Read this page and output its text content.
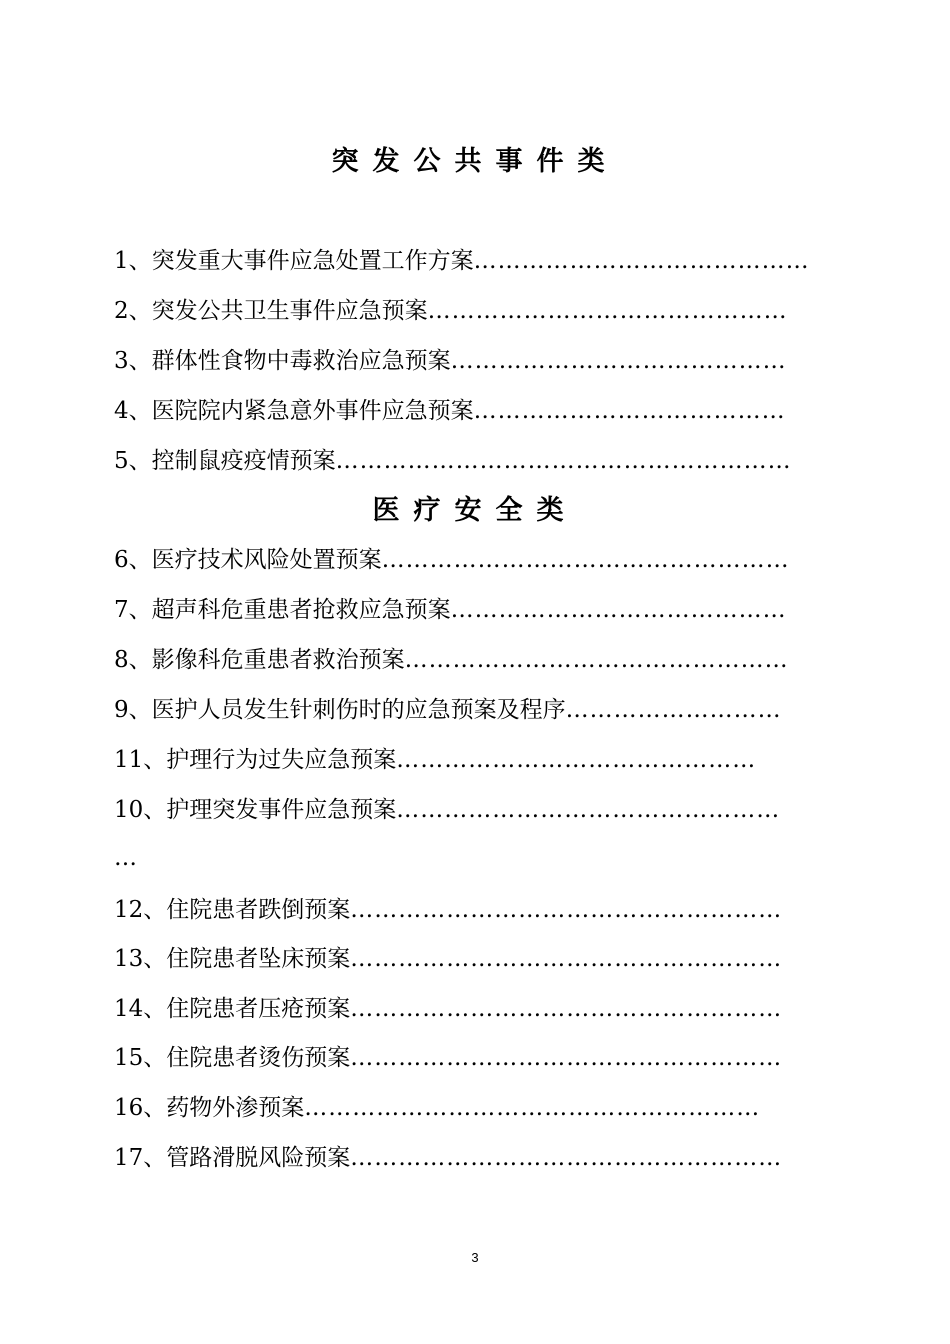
突发公共事件类
1、突发重大事件应急处置工作方案……………………………………
2、突发公共卫生事件应急预案………………………………………
3、群体性食物中毒救治应急预案……………………………………
4、医院院内紧急意外事件应急预案…………………………………
5、控制鼠疫疫情预案…………………………………………………
医疗安全类
6、医疗技术风险处置预案……………………………………………
7、超声科危重患者抢救应急预案……………………………………
8、影像科危重患者救治预案…………………………………………
9、医护人员发生针刺伤时的应急预案及程序………………………
11、护理行为过失应急预案………………………………………
10、护理突发事件应急预案…………………………………………
…
12、住院患者跌倒预案………………………………………………
13、住院患者坠床预案………………………………………………
14、住院患者压疮预案………………………………………………
15、住院患者烫伤预案………………………………………………
16、药物外渗预案…………………………………………………
17、管路滑脱风险预案………………………………………………
3
